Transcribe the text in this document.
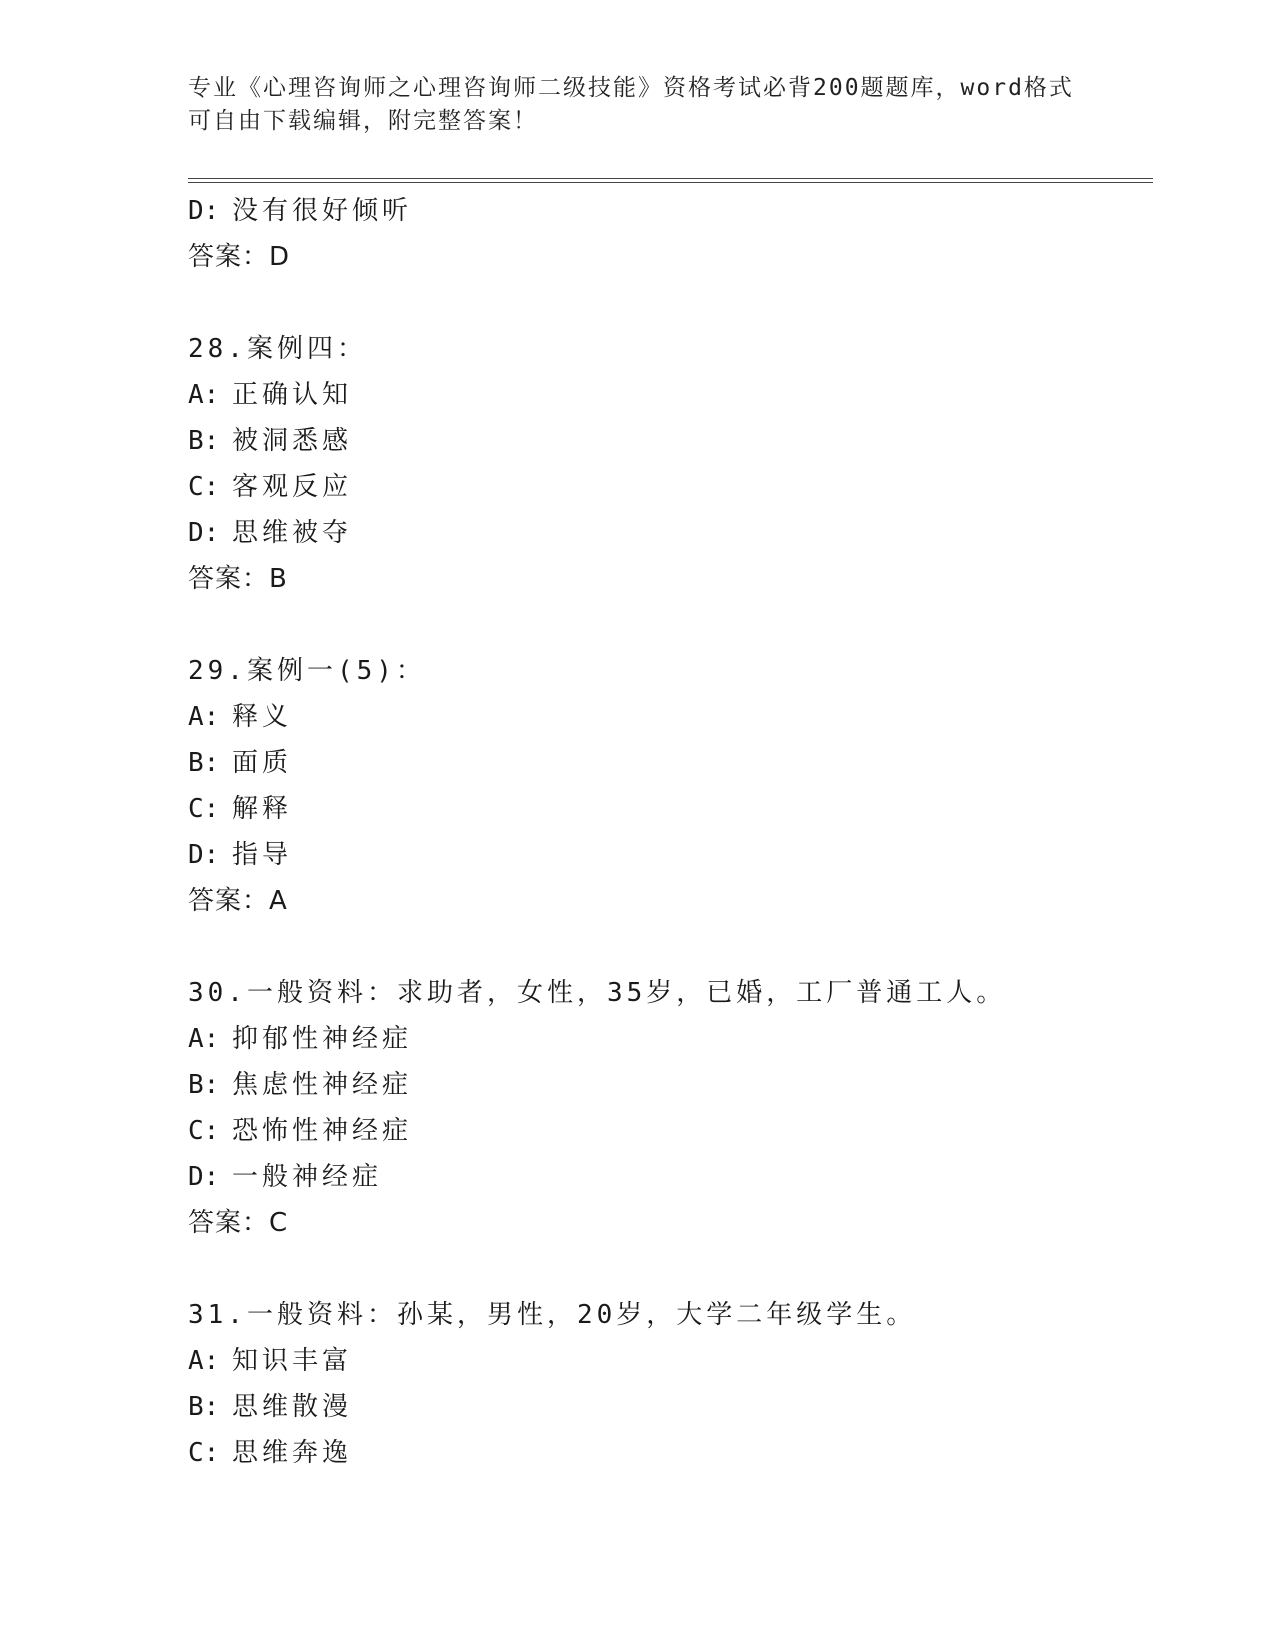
专业《心理咨询师之心理咨询师二级技能》资格考试必背200题题库，word格式
可自由下载编辑，附完整答案！
D: 没有很好倾听
答案：D
28.案例四：
A: 正确认知
B: 被洞悉感
C: 客观反应
D: 思维被夺
答案：B
29.案例一(5)：
A: 释义
B: 面质
C: 解释
D: 指导
答案：A
30.一般资料：求助者，女性，35岁，已婚，工厂普通工人。
A: 抑郁性神经症
B: 焦虑性神经症
C: 恐怖性神经症
D: 一般神经症
答案：C
31.一般资料：孙某，男性，20岁，大学二年级学生。
A: 知识丰富
B: 思维散漫
C: 思维奔逸
